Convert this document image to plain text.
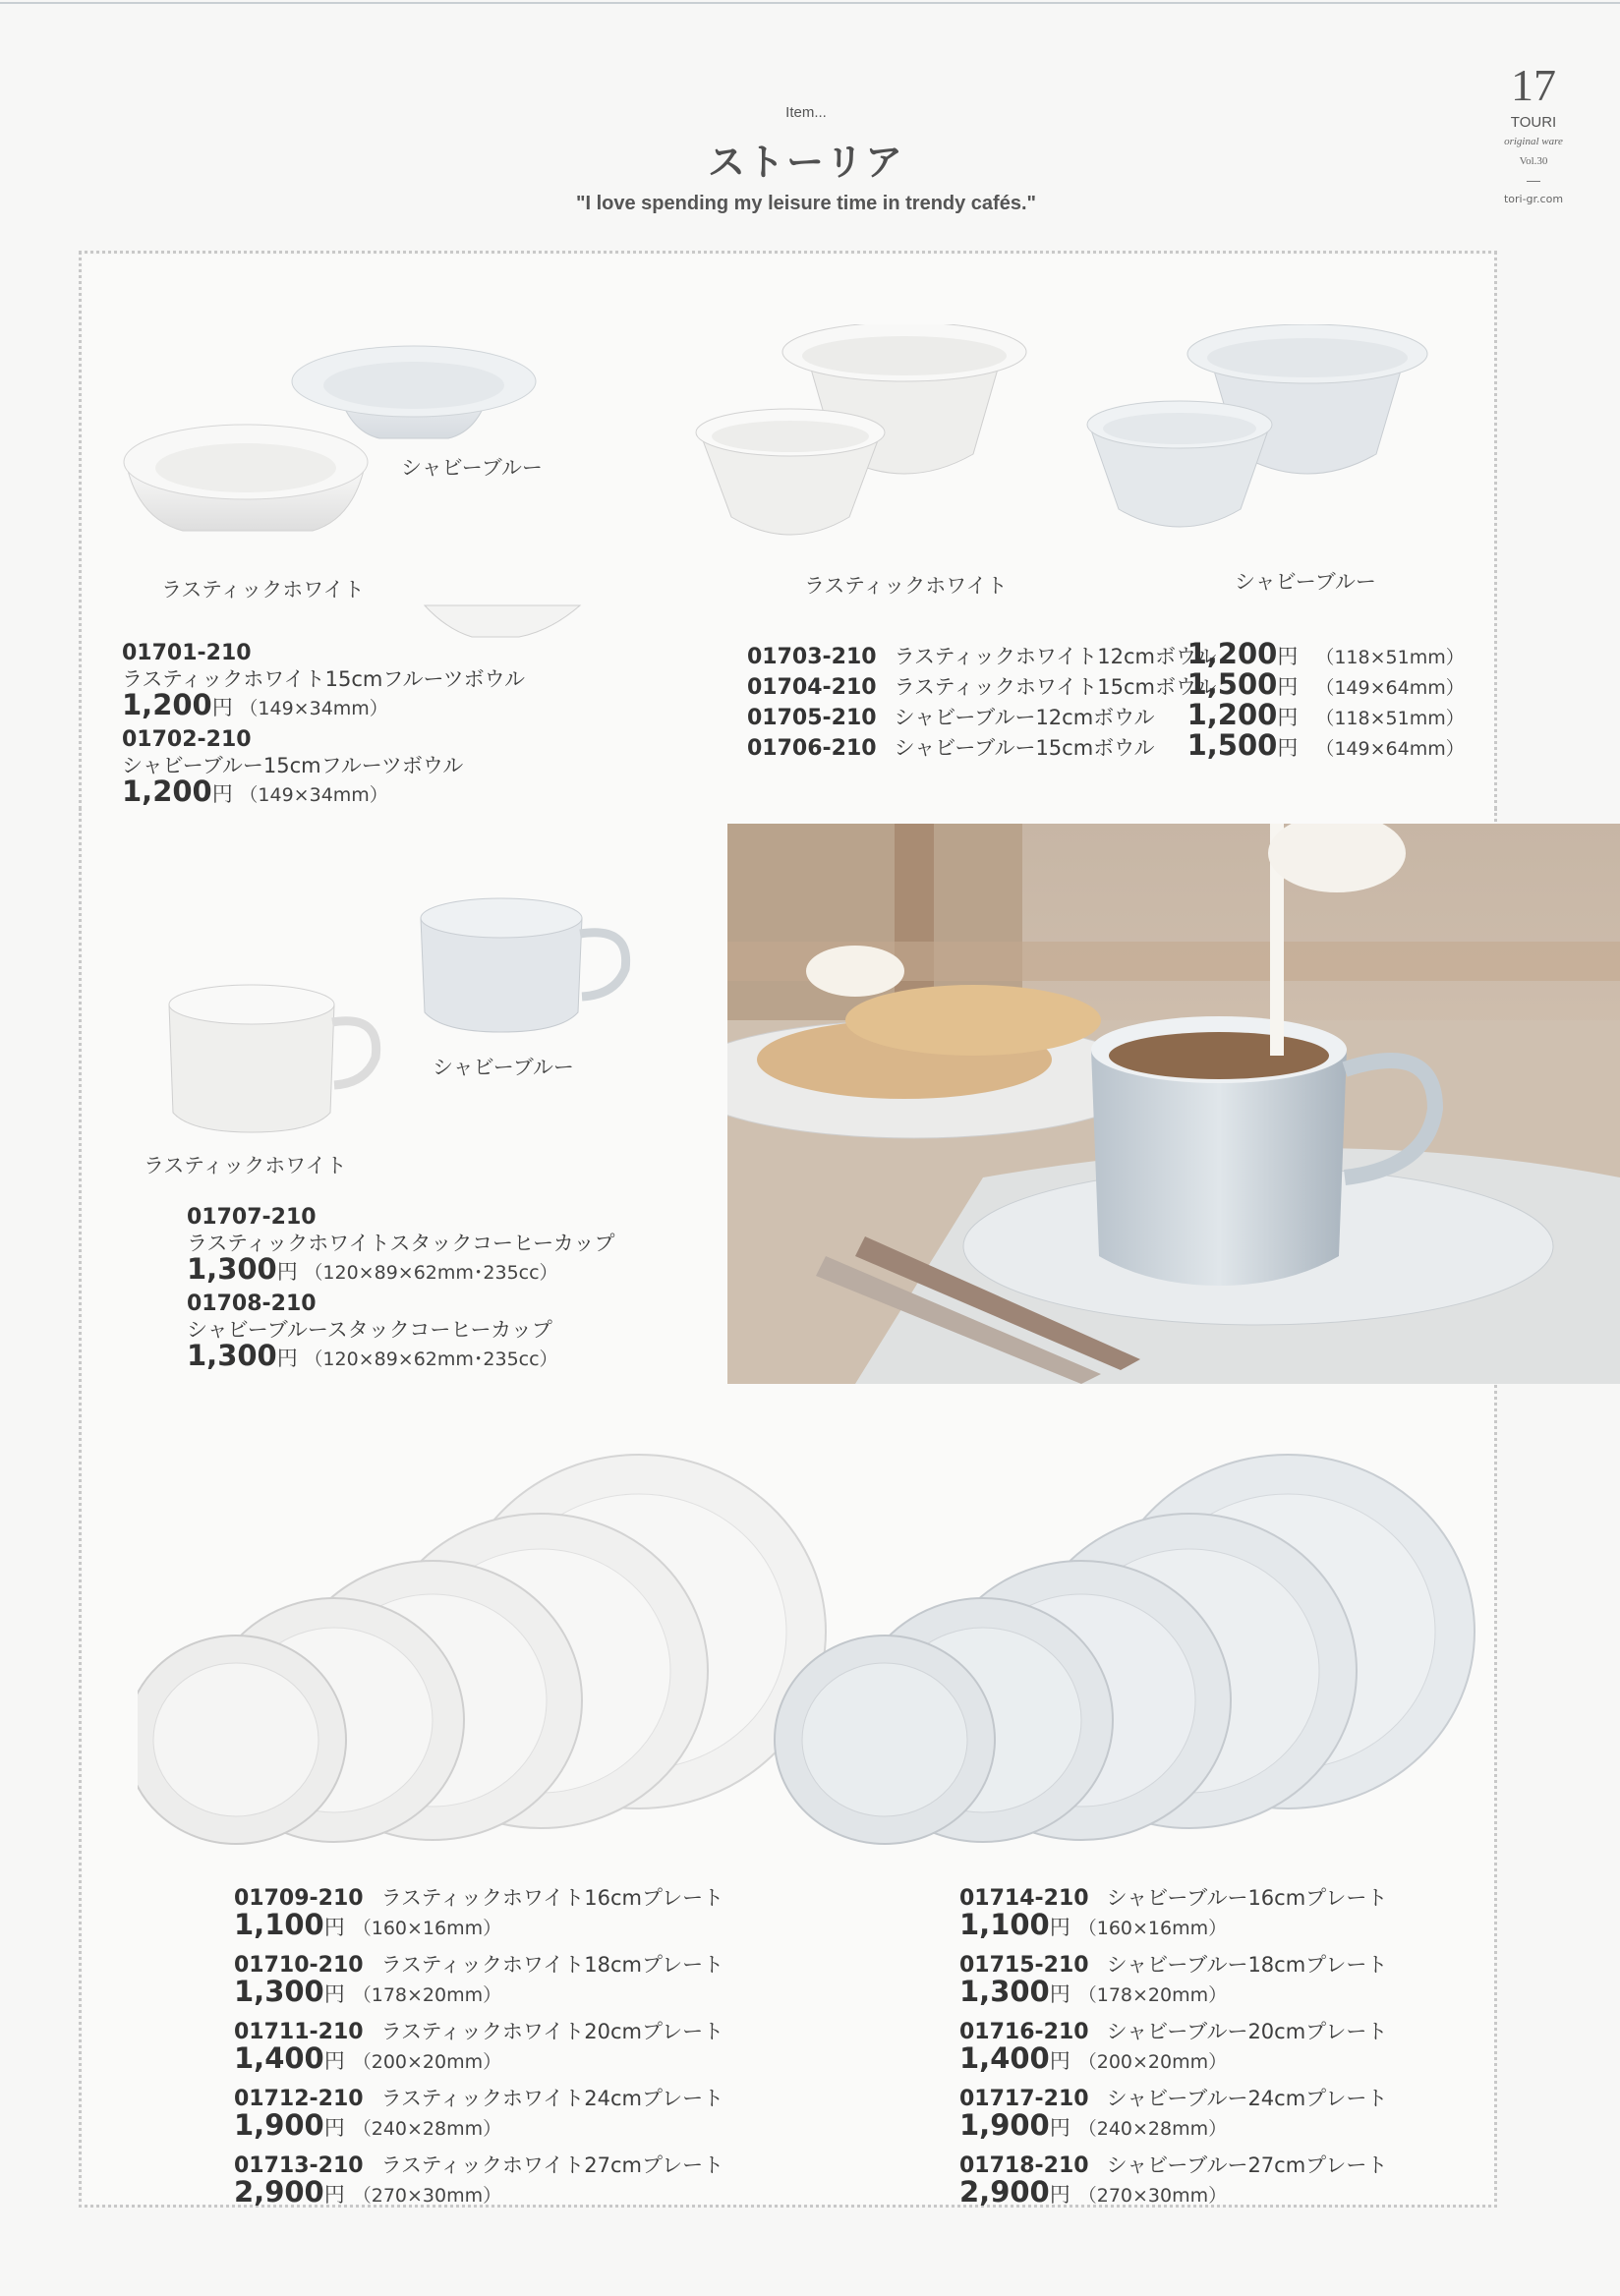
Item...
ストーリア
"I love spending my leisure time in trendy cafés."
17
TOURI
original ware
Vol.30
tori-gr.com
シャビーブルー
ラスティックホワイト
01701-210
ラスティックホワイト15cmフルーツボウル
1,200円 （149×34mm）
01702-210
シャビーブルー15cmフルーツボウル
1,200円 （149×34mm）
ラスティックホワイト	シャビーブルー
01703-210 ラスティックホワイト12cmボウル
1,200円 （118×51mm）
01704-210 ラスティックホワイト15cmボウル
1,500円 （149×64mm）
01705-210 シャビーブルー12cmボウル	1,200円 （118×51mm）
01706-210 シャビーブルー15cmボウル	1,500円 （149×64mm）
シャビーブルー
ラスティックホワイト
01707-210
ラスティックホワイトスタックコーヒーカップ
1,300円 （120×89×62mm･235cc）
01708-210
シャビーブルースタックコーヒーカップ
1,300円 （120×89×62mm･235cc）
01709-210 ラスティックホワイト16cmプレート
1,100円 （160×16mm）
01710-210 ラスティックホワイト18cmプレート
1,300円 （178×20mm）
01711-210 ラスティックホワイト20cmプレート
1,400円 （200×20mm）
01712-210 ラスティックホワイト24cmプレート
1,900円 （240×28mm）
01713-210 ラスティックホワイト27cmプレート
2,900円 （270×30mm）
01714-210 シャビーブルー16cmプレート
1,100円 （160×16mm）
01715-210 シャビーブルー18cmプレート
1,300円 （178×20mm）
01716-210 シャビーブルー20cmプレート
1,400円 （200×20mm）
01717-210 シャビーブルー24cmプレート
1,900円 （240×28mm）
01718-210 シャビーブルー27cmプレート
2,900円 （270×30mm）
